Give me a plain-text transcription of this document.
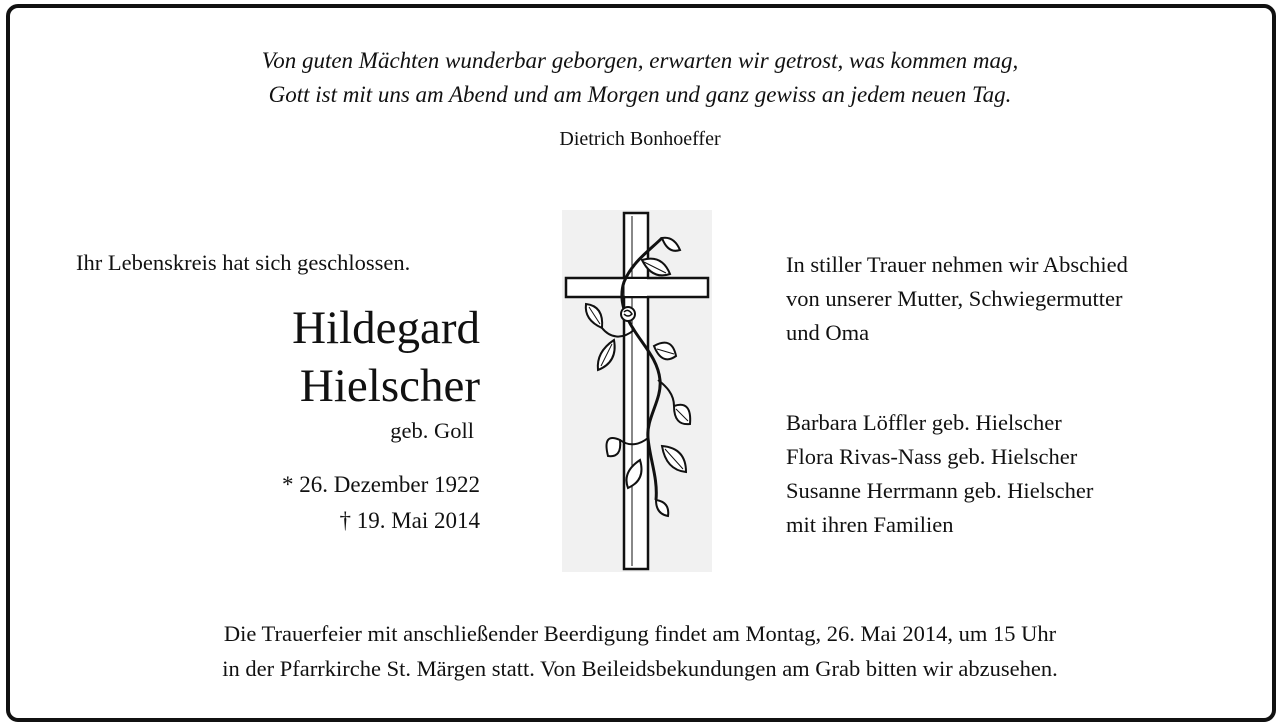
Von guten Mächten wunderbar geborgen, erwarten wir getrost, was kommen mag,
Gott ist mit uns am Abend und am Morgen und ganz gewiss an jedem neuen Tag.
Dietrich Bonhoeffer
Ihr Lebenskreis hat sich geschlossen.
Hildegard
Hielscher
geb. Goll
* 26. Dezember 1922
† 19. Mai 2014
In stiller Trauer nehmen wir Abschied
von unserer Mutter, Schwiegermutter
und Oma
Barbara Löffler geb. Hielscher
Flora Rivas-Nass geb. Hielscher
Susanne Herrmann geb. Hielscher
mit ihren Familien
Die Trauerfeier mit anschließender Beerdigung findet am Montag, 26. Mai 2014, um 15 Uhr
in der Pfarrkirche St. Märgen statt. Von Beileidsbekundungen am Grab bitten wir abzusehen.
